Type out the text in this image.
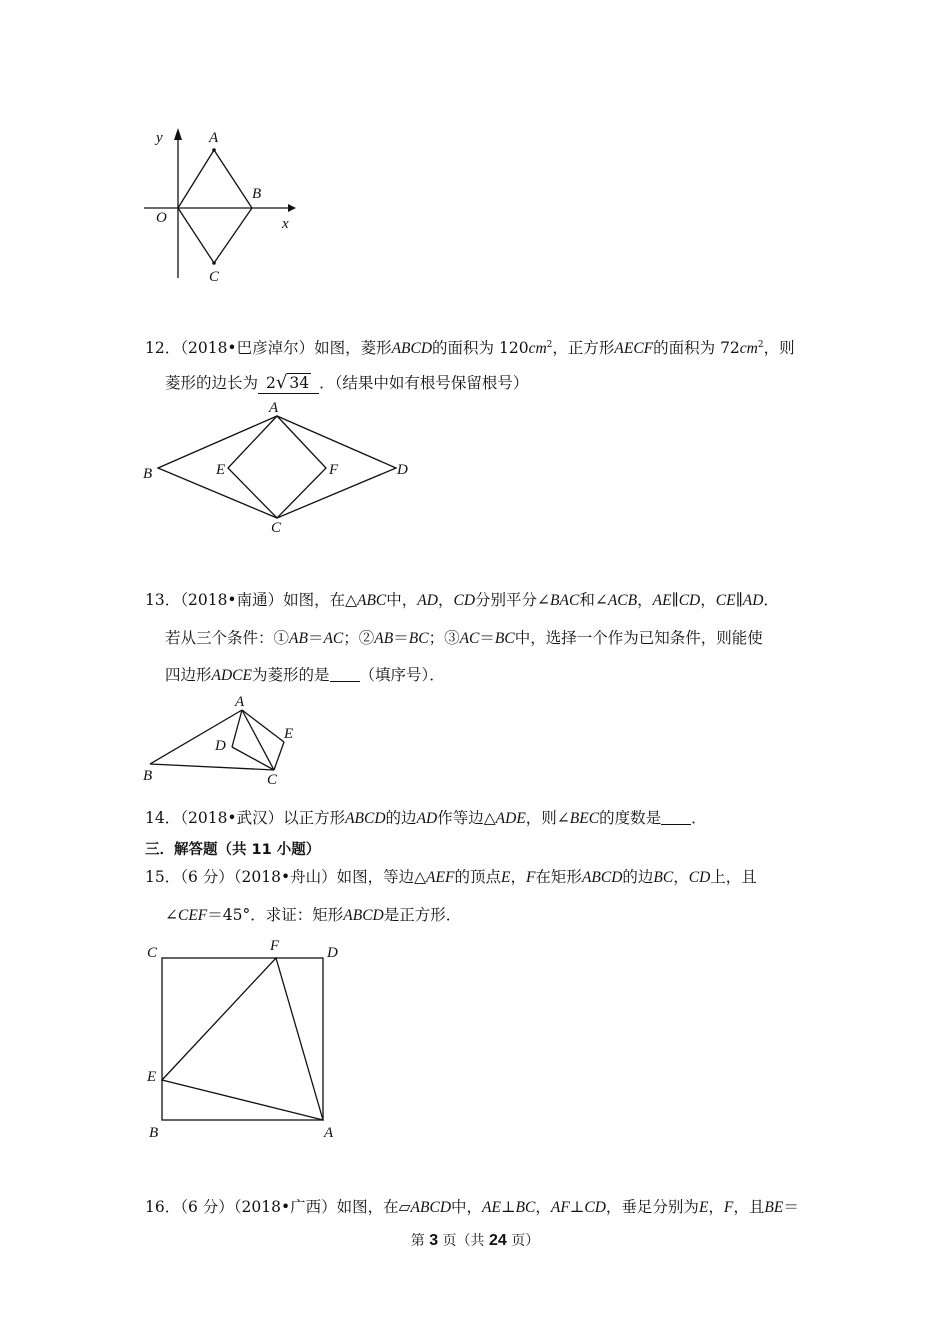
y
x
O
A
B
C
12．（2018•巴彦淖尔）如图，菱形ABCD的面积为 $120cm^2$，正方形AECF的面积为 $72cm^2$，则
菱形的边长为 2√ 34 ．（结果中如有根号保留根号）
A
B
C
D
E	F
13．（2018•南通）如图，在△ABC中，AD，CD分别平分∠BAC和∠ACB，AE∥CD，CE∥AD．
若从三个条件：①AB＝AC；②AB＝BC；③AC＝BC中，选择一个作为已知条件，则能使
四边形ADCE为菱形的是 （填序号）．
A
B	C
D
E
14．（2018•武汉）以正方形ABCD的边AD作等边△ADE，则∠BEC的度数是 ．
三．解答题（共 11 小题）
15．（6 分）（2018•舟山）如图，等边△AEF的顶点E，F在矩形ABCD的边BC，CD上，且
∠CEF＝45°．求证：矩形ABCD是正方形．
C	D
F
E
B	A
16．（6 分）（2018•广西）如图，在▱ABCD中，AE⊥BC，AF⊥CD，垂足分别为E，F，且BE＝
第 3 页（共 24 页）
